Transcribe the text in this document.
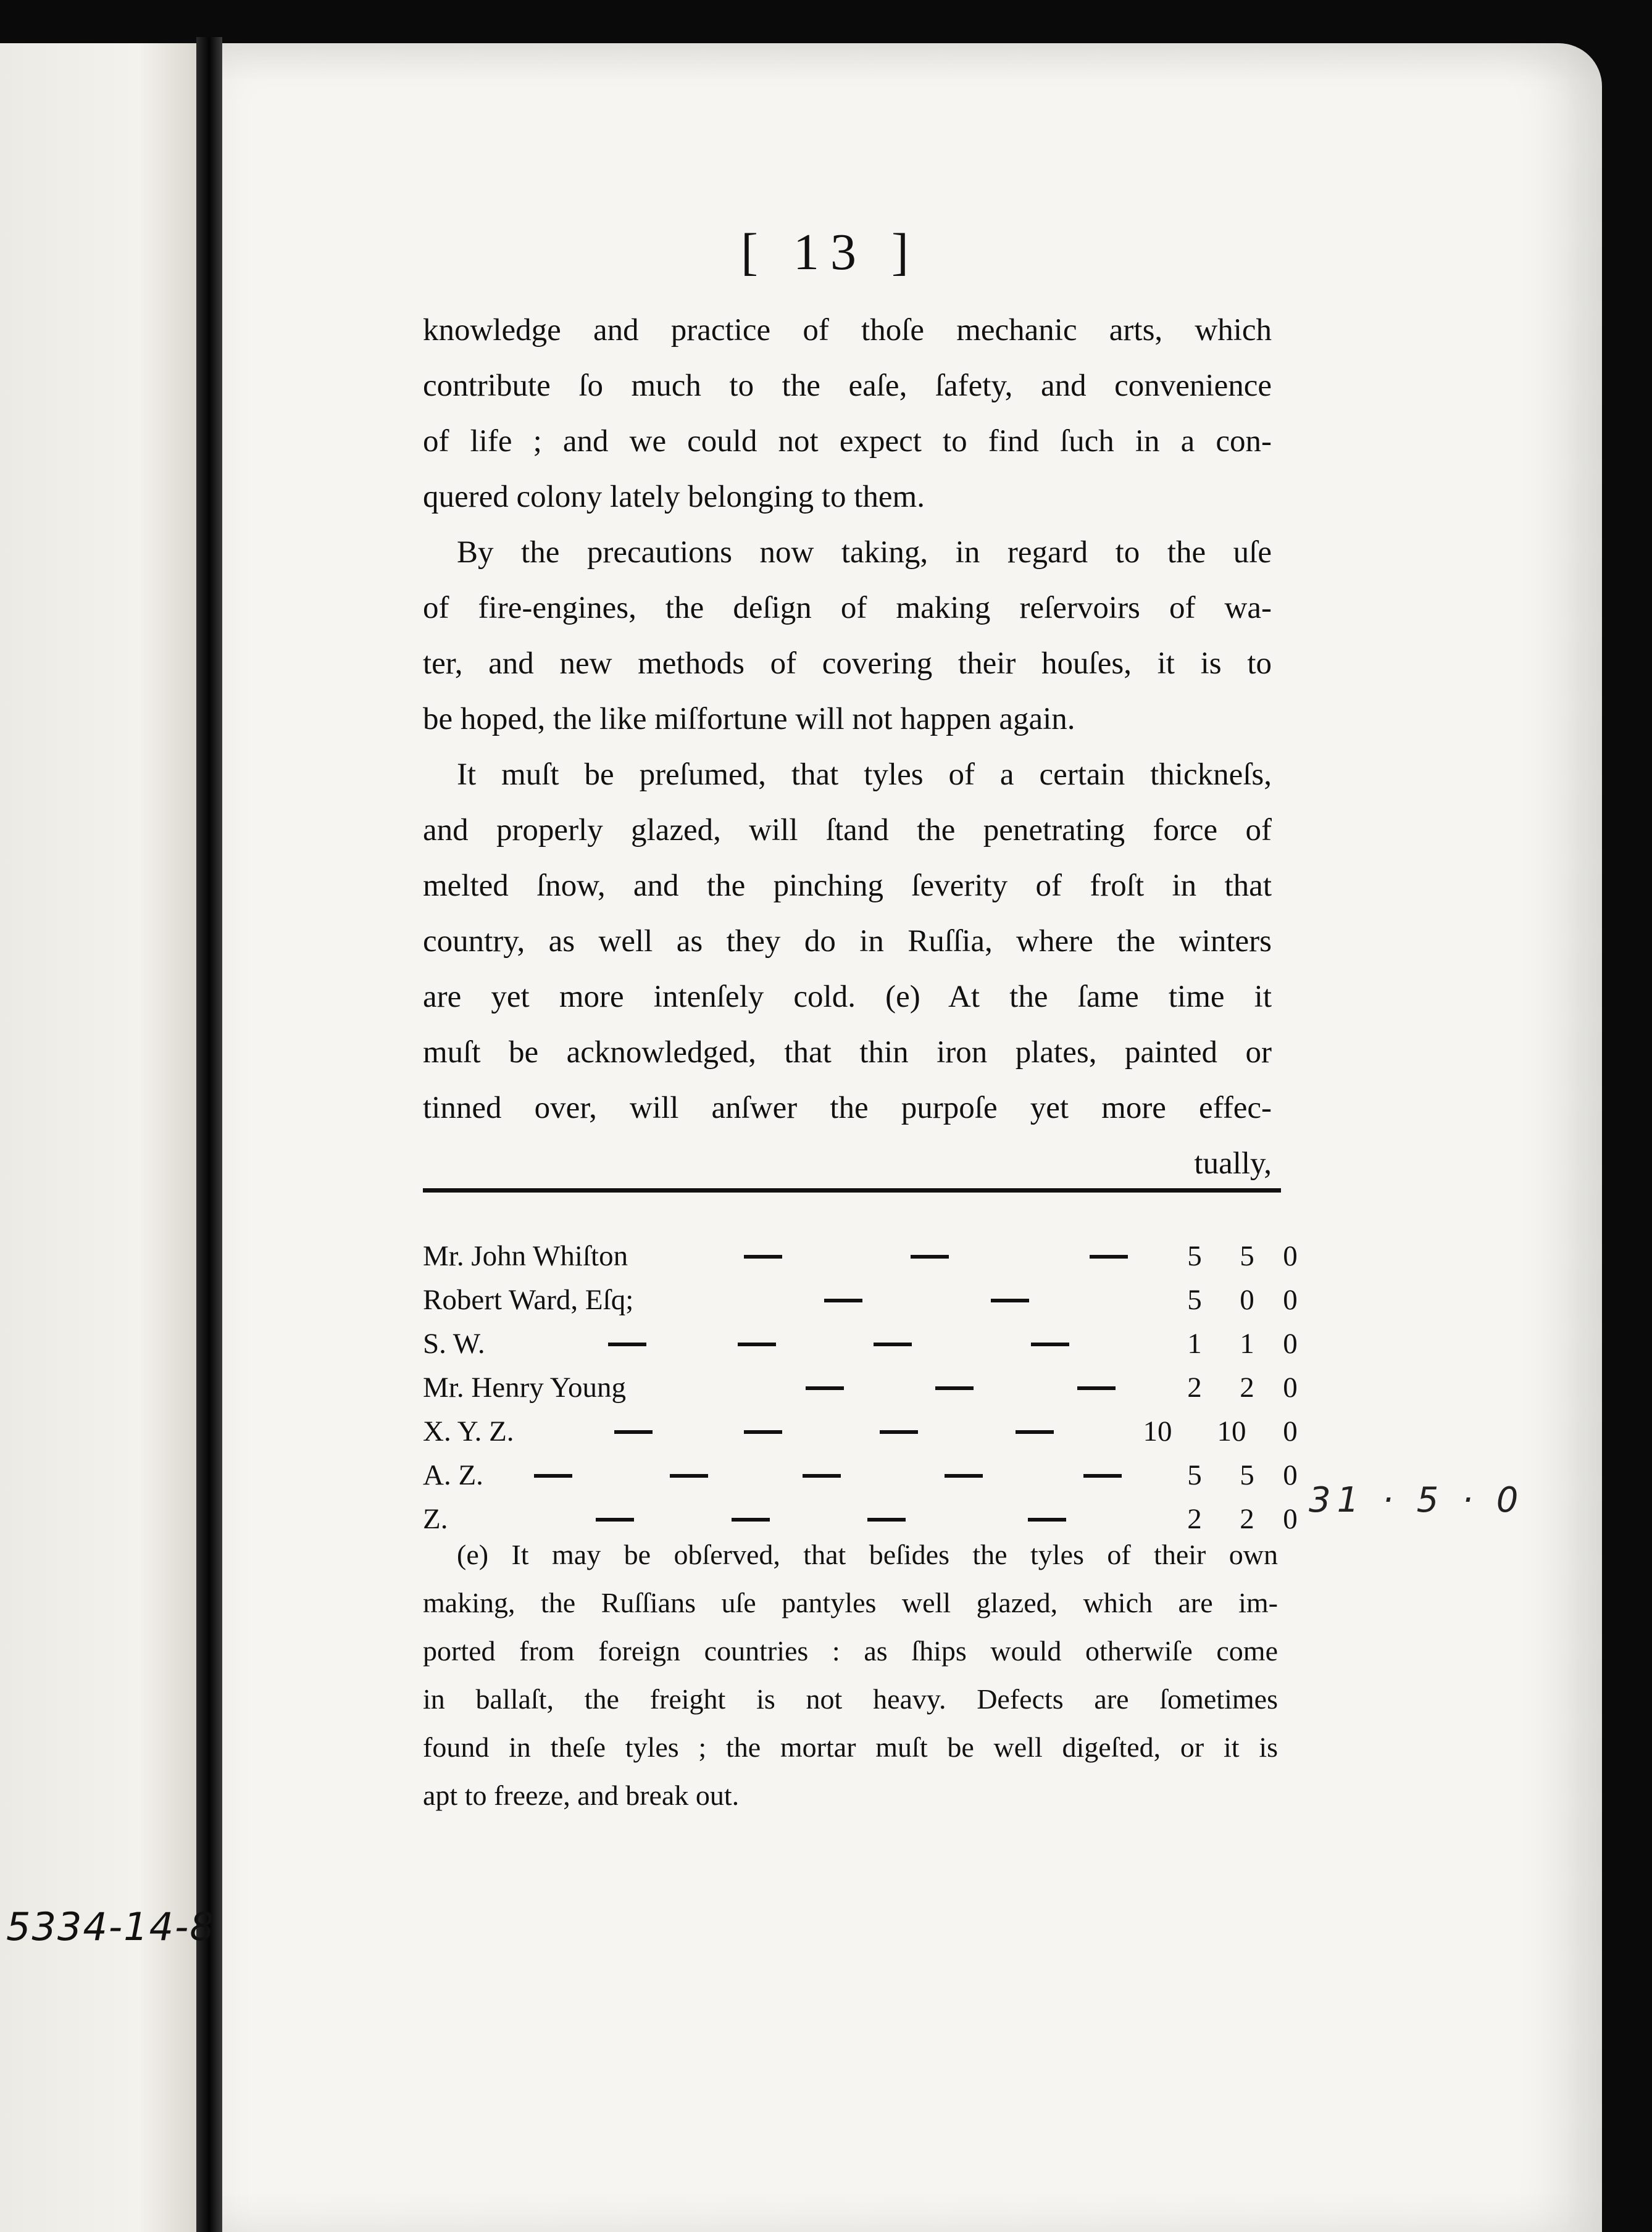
[ 13 ]
knowledge and practice of thoſe mechanic arts, which
contribute ſo much to the eaſe, ſafety, and convenience
of life ; and we could not expect to find ſuch in a con-
quered colony lately belonging to them.
By the precautions now taking, in regard to the uſe
of fire-engines, the deſign of making reſervoirs of wa-
ter, and new methods of covering their houſes, it is to
be hoped, the like miſfortune will not happen again.
It muſt be preſumed, that tyles of a certain thickneſs,
and properly glazed, will ſtand the penetrating force of
melted ſnow, and the pinching ſeverity of froſt in that
country, as well as they do in Ruſſia, where the winters
are yet more intenſely cold. (e) At the ſame time it
muſt be acknowledged, that thin iron plates, painted or
tinned over, will anſwer the purpoſe yet more effec-
tually,
Mr. John Whiſton	5	5 0
Robert Ward, Eſq;	5	0 0
S. W.	1	1 0
Mr. Henry Young	2	2 0
X. Y. Z.	10	10	0
A. Z.	5	5 0
Z.	2	2 0 31 · 5 · 0
(e) It may be obſerved, that beſides the tyles of their own
making, the Ruſſians uſe pantyles well glazed, which are im-
ported from foreign countries : as ſhips would otherwiſe come
in ballaſt, the freight is not heavy. Defects are ſometimes
found in theſe tyles ; the mortar muſt be well digeſted, or it is
apt to freeze, and break out.
5334-14-8
